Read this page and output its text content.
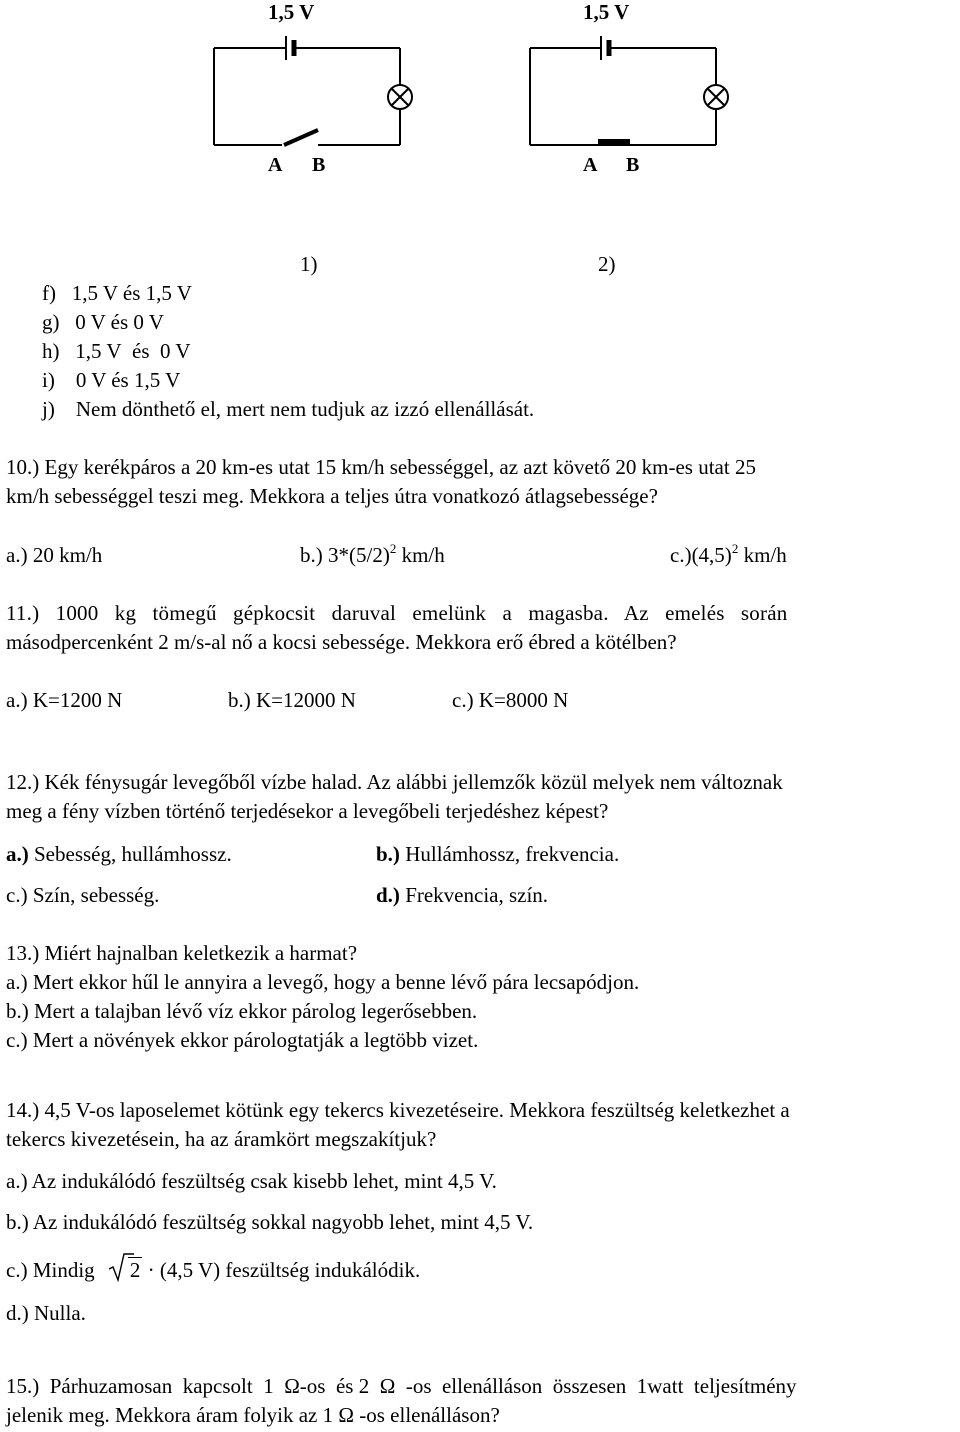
1,5 V
A B
1,5 V
A B
1)	2)
f)   1,5 V és 1,5 V
g)   0 V és 0 V
h)   1,5 V  és  0 V
i)    0 V és 1,5 V
j)    Nem dönthető el, mert nem tudjuk az izzó ellenállását.
10.) Egy kerékpáros a 20 km-es utat 15 km/h sebességgel, az azt követő 20 km-es utat 25
km/h sebességgel teszi meg. Mekkora a teljes útra vonatkozó átlagsebessége?
a.) 20 km/h	b.) $3*(5/2)^2$ km/h	$c.)(4,5)^2$ km/h
11.)   1000   kg   tömegű   gépkocsit   daruval   emelünk   a   magasba.   Az   emelés   során
másodpercenként 2 m/s-al nő a kocsi sebessége. Mekkora erő ébred a kötélben?
a.) K=1200 N	b.) K=12000 N	c.) K=8000 N
12.) Kék fénysugár levegőből vízbe halad. Az alábbi jellemzők közül melyek nem változnak
meg a fény vízben történő terjedésekor a levegőbeli terjedéshez képest?
a.) Sebesség, hullámhossz.	b.) Hullámhossz, frekvencia.
c.) Szín, sebesség.	d.) Frekvencia, szín.
13.) Miért hajnalban keletkezik a harmat?
a.) Mert ekkor hűl le annyira a levegő, hogy a benne lévő pára lecsapódjon.
b.) Mert a talajban lévő víz ekkor párolog legerősebben.
c.) Mert a növények ekkor párologtatják a legtöbb vizet.
14.) 4,5 V-os laposelemet kötünk egy tekercs kivezetéseire. Mekkora feszültség keletkezhet a
tekercs kivezetésein, ha az áramkört megszakítjuk?
a.) Az indukálódó feszültség csak kisebb lehet, mint 4,5 V.
b.) Az indukálódó feszültség sokkal nagyobb lehet, mint 4,5 V.
c.) Mindig 2 · (4,5 V) feszültség indukálódik.
d.) Nulla.
15.)  Párhuzamosan  kapcsolt  1  Ω-os  és 2  Ω  -os  ellenálláson  összesen  1watt  teljesítmény
jelenik meg. Mekkora áram folyik az 1 Ω -os ellenálláson?
